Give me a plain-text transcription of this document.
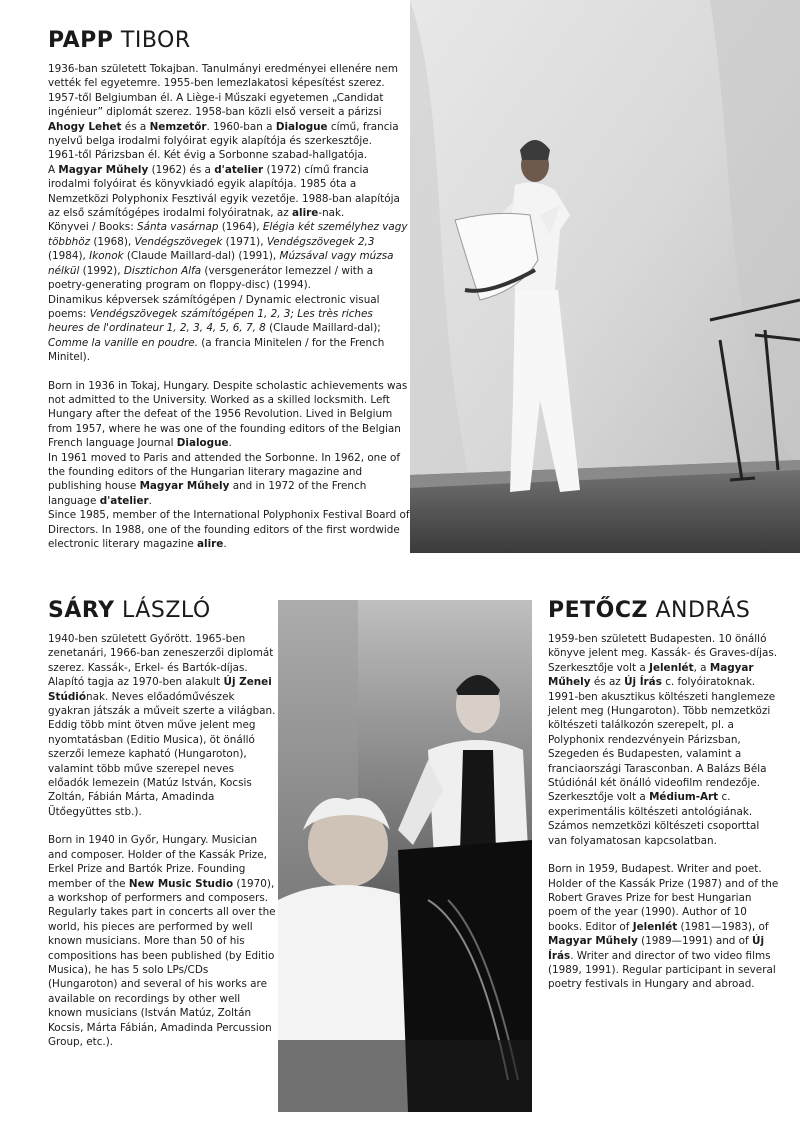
PAPP TIBOR

1936-ban született Tokajban. Tanulmányi eredményei ellenére nem vették fel egyetemre. 1955-ben lemezlakatosi képesítést szerez. 1957-től Belgiumban él. A Liège-i Műszaki egyetemen „Candidat ingénieur” diplomát szerez. 1958-ban közli első verseit a párizsi Ahogy Lehet és a Nemzetőr. 1960-ban a Dialogue című, francia nyelvű belga irodalmi folyóirat egyik alapítója és szerkesztője.

1961-től Párizsban él. Két évig a Sorbonne szabad-hallgatója.

A Magyar Műhely (1962) és a d'atelier (1972) című francia irodalmi folyóirat és könyvkiadó egyik alapítója. 1985 óta a Nemzetközi Polyphonix Fesztivál egyik vezetője. 1988-ban alapítója az első számítógépes irodalmi folyóiratnak, az alire-nak.

Könyvei / Books: Sánta vasárnap (1964), Elégia két személyhez vagy többhöz (1968), Vendégszövegek (1971), Vendégszövegek 2,3 (1984), Ikonok (Claude Maillard-dal) (1991), Múzsával vagy múzsa nélkül (1992), Disztichon Alfa (versgenerátor lemezzel / with a poetry-generating program on floppy-disc) (1994).

Dinamikus képversek számítógépen / Dynamic electronic visual poems: Vendégszövegek számítógépen 1, 2, 3; Les très riches heures de l'ordinateur 1, 2, 3, 4, 5, 6, 7, 8 (Claude Maillard-dal); Comme la vanille en poudre. (a francia Minitelen / for the French Minitel).

Born in 1936 in Tokaj, Hungary. Despite scholastic achievements was not admitted to the University. Worked as a skilled locksmith. Left Hungary after the defeat of the 1956 Revolution. Lived in Belgium from 1957, where he was one of the founding editors of the Belgian French language Journal Dialogue.

In 1961 moved to Paris and attended the Sorbonne. In 1962, one of the founding editors of the Hungarian literary magazine and publishing house Magyar Műhely and in 1972 of the French language d'atelier.

Since 1985, member of the International Polyphonix Festival Board of Directors. In 1988, one of the founding editors of the first wordwide electronic literary magazine alire.

SÁRY LÁSZLÓ

1940-ben született Győrött. 1965-ben zenetanári, 1966-ban zeneszerzői diplomát szerez. Kassák-, Erkel- és Bartók-díjas. Alapító tagja az 1970-ben alakult Új Zenei Stúdiónak. Neves előadóművészek gyakran játszák a műveit szerte a világban. Eddig több mint ötven műve jelent meg nyomtatásban (Editio Musica), öt önálló szerzői lemeze kapható (Hungaroton), valamint több műve szerepel neves előadók lemezein (Matúz István, Kocsis Zoltán, Fábián Márta, Amadinda Ütőegyüttes stb.).

Born in 1940 in Győr, Hungary. Musician and composer. Holder of the Kassák Prize, Erkel Prize and Bartók Prize. Founding member of the New Music Studio (1970), a workshop of performers and composers. Regularly takes part in concerts all over the world, his pieces are performed by well known musicians. More than 50 of his compositions has been published (by Editio Musica), he has 5 solo LPs/CDs (Hungaroton) and several of his works are available on recordings by other well known musicians (István Matúz, Zoltán Kocsis, Márta Fábián, Amadinda Percussion Group, etc.).

PETŐCZ ANDRÁS

1959-ben született Budapesten. 10 önálló könyve jelent meg. Kassák- és Graves-díjas. Szerkesztője volt a Jelenlét, a Magyar Műhely és az Új Írás c. folyóiratoknak. 1991-ben akusztikus költészeti hanglemeze jelent meg (Hungaroton). Több nemzetközi költészeti találkozón szerepelt, pl. a Polyphonix rendezvényein Párizsban, Szegeden és Budapesten, valamint a franciaországi Tarasconban. A Balázs Béla Stúdiónál két önálló videofilm rendezője. Szerkesztője volt a Médium-Art c. experimentális költészeti antológiának. Számos nemzetközi költészeti csoporttal van folyamatosan kapcsolatban.

Born in 1959, Budapest. Writer and poet. Holder of the Kassák Prize (1987) and of the Robert Graves Prize for best Hungarian poem of the year (1990). Author of 10 books. Editor of Jelenlét (1981—1983), of Magyar Műhely (1989—1991) and of Új Írás. Writer and director of two video films (1989, 1991). Regular participant in several poetry festivals in Hungary and abroad.
